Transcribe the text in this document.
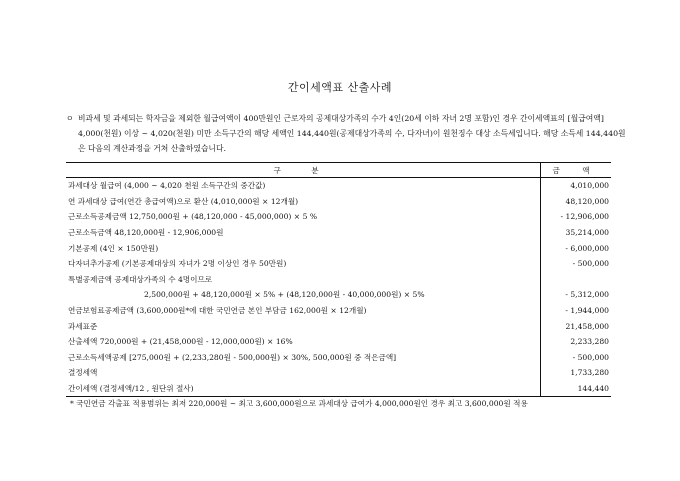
간이세액표 산출사례
ㅇ 비과세 및 과세되는 학자금을 제외한 월급여액이 400만원인 근로자의 공제대상가족의 수가 4인(20세 이하 자녀 2명 포함)인 경우 간이세액표의 [월급여액] 4,000(천원) 이상 ~ 4,020(천원) 미만 소득구간의 해당 세액인 144,440원(공제대상가족의 수, 다자녀)이 원천징수 대상 소득세입니다. 해당 소득세 144,440원은 다음의 계산과정을 거쳐 산출하였습니다.
구 분	금 액
과세대상 월급여 (4,000 ~ 4,020 천원 소득구간의 중간값)	4,010,000
연 과세대상 급여(연간 총급여액)으로 환산 (4,010,000원 × 12개월)	48,120,000
근로소득공제금액 12,750,000원 + (48,120,000 - 45,000,000) × 5 %	- 12,906,000
근로소득금액 48,120,000원 - 12,906,000원	35,214,000
기본공제 (4인 × 150만원)	- 6,000,000
다자녀추가공제 (기본공제대상의 자녀가 2명 이상인 경우 50만원)	- 500,000
특별공제금액 공제대상가족의 수 4명이므로	
2,500,000원 + 48,120,000원 × 5% + (48,120,000원 - 40,000,000원) × 5%	- 5,312,000
연금보험료공제금액 (3,600,000원*에 대한 국민연금 본인 부담금 162,000원 × 12개월)	- 1,944,000
과세표준	21,458,000
산출세액 720,000원 + (21,458,000원 - 12,000,000원) × 16%	2,233,280
근로소득세액공제 [275,000원 + (2,233,280원 - 500,000원) × 30%, 500,000원 중 적은금액]	- 500,000
결정세액	1,733,280
간이세액 (결정세액/12 , 원단위 절사)	144,440
* 국민연금 각출표 적용범위는 최저 220,000원 ~ 최고 3,600,000원으로 과세대상 급여가 4,000,000원인 경우 최고 3,600,000원 적용
